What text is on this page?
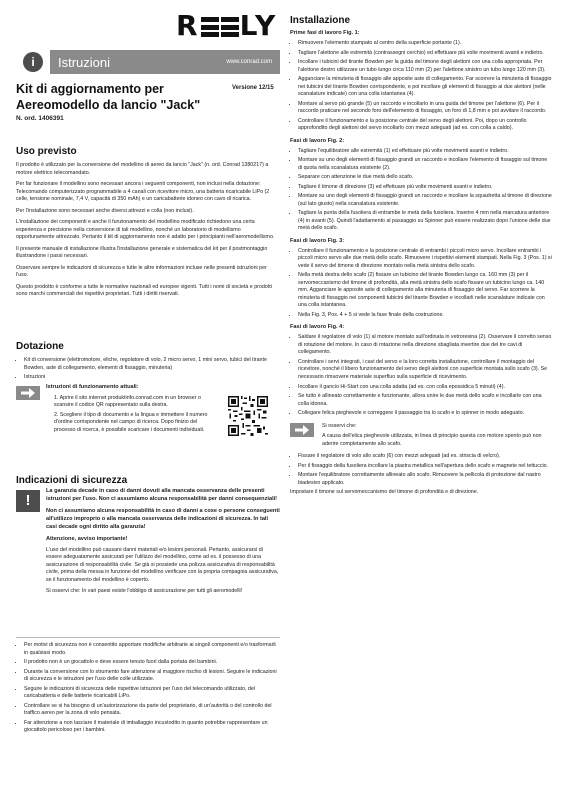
R LY
i	Istruzioni	www.conrad.com
Kit di aggiornamento per Aereomodello da lancio "Jack"
Versione 12/15
N. ord. 1406391
Uso previsto

Il prodotto è utilizzato per la conversione del modellino di aereo da lancio "Jack" (n. ord. Conrad 1380217) a motore elettrico telecomandato.

Per far funzionare il modellino sono necessari ancora i seguenti componenti, non inclusi nella dotazione: Telecomando computerizzato programmabile a 4 canali con ricevitore micro, una batteria ricaricabile LiPo (2 celle, tensione nominale, 7,4 V, capacità di 350 mAh) e un caricabatterie idoneo con cavo di ricarica.

Per l'installazione sono necessari anche diversi attrezzi e colla (non inclusi).

L'installazione dei componenti e anche il funzionamento del modellino modificato richiedono una certa esperienza e precisione nella conversione di tali modellino, nonché un laboratorio di modellismo opportunamente attrezzato. Pertanto il kit di aggiornamento non è adatto per i principianti nell'aeromodellismo.

Il presente manuale di installazione illustra l'installazione generale e sistematica del kit per il postmontaggio illustrandone i passi necessari.

Osservare sempre le indicazioni di sicurezza e tutte le altre informazioni incluse nelle presenti istruzioni per l'uso.

Questo prodotto è conforme a tutte le normative nazionali ed europee vigenti. Tutti i nomi di società e prodotti sono marchi commerciali dei rispettivi proprietari. Tutti i diritti riservati.

Dotazione
• Kit di conversione (elettromotore, eliche, regolatore di volo, 2 micro servo, 1 mini servo, tubici del tirante Bowden, aste di collegamento, elementi di fissaggio, minuteria)
• Istruzioni
Istruzioni di funzionamento attuali:

1. Aprire il sito internet produktinfo.conrad.com in un browser o scansire il codice QR rappresentato sulla destra.

2. Scegliere il tipo di documento e la lingua e immettere il numero d'ordine corrispondente nel campo di ricerca. Dopo finizio del processo di ricerca, è possibile scaricare i documenti individuati.

Indicazioni di sicurezza
!

La garanzia decade in caso di danni dovuti alla mancata osservanza delle presenti istruzioni per l'uso. Non ci assumiamo alcuna responsabilità per danni consequenziali!

Non ci assumiamo alcuna responsabilità in caso di danni a cose o persone conseguenti all'utilizzo improprio o alla mancata osservanza delle indicazioni di sicurezza. In tali casi decade ogni diritto alla garanzia!

Attenzione, avviso importante!

L'uso del modellino può causare danni materiali e/o lesioni personali. Pertanto, assicurarsi di essere adeguatamente assicurati per l'utilizzo del modellino, come ad es. il possesso di una assicurazione di responsabilità civile. Se già si possiede una polizza assicurativa di responsabilità civile, prima della messa in funzione del modellino verificare con la propria compagnia assicurativa, se il funzionamento del modellino è coperto.

Si osservi che: In vari paesi esiste l'obbligo di assicurazione per tutti gli aeromodelli!

• Per motivi di sicurezza non è consentito apportare modifiche arbitrarie ai singoli componenti e/o trasformarli in qualsiasi modo.
• Il prodotto non è un giocattolo e deve essere tenuto fuori dalla portata dei bambini.
• Durante la conversione con lo strumento fare attenzione al maggiore rischio di lesioni. Seguire le indicazioni di sicurezza e le istruzioni per l'uso delle colle utilizzate.
• Seguire le indicazioni di sicurezza delle rispettive istruzioni per l'uso del telecomando utilizzato, del caricabatteria e delle batterie ricaricabili LiPo.
• Controllare se si ha bisogno di un'autorizzazione da parte del proprietario, di un'autorità o del controllo del traffico aereo per la zona di volo pensata.
• Far attenzione a non lasciare il materiale di imballaggio incustodito in quanto potrebbe rappresentare un giocattolo pericoloso per i bambini.
Installazione
Prime fasi di lavoro Fig. 1:
• Rimuovere l'elemento stampato al centro della superficie portante (1).
• Tagliare l'alettone alle estremità (contrassegni cerchio) ed effettuare più volte movimenti avanti e indietro.
• Incollare i tubicini del tirante Bowden per la guida del timone degli alettoni con una colla appropriata. Per l'alettone destro utilizzare un tubo lungo circa 110 mm (2) per l'alettone sinistro un tubo lungo 120 mm (3).
• Agganciare la minuteria di fissaggio alle apposite aste di collegamento. Far scorrere la minuteria di fissaggio nei tubicini del tirante Bowden corrispondente, e poi incollare gli elementi di fissaggio ai due alettoni (nelle scanalature indicate) con una colla istantanea (4).
• Montare al servo più grande (5) un raccordo e incollarlo in una guida del timone per l'alettone (6). Per il raccordo praticare nel secondo foro dell'elemento di fissaggio, un foro di 1,8 mm e poi avvitare il raccordo.
• Controllare il funzionamento e la posizione centrale del servo degli alettoni. Poi, dopo un controllo approfondito degli alettoni del servo incollarlo con mezzi adeguati (ad es. con colla a caldo).
Fasi di lavoro Fig. 2:
• Tagliare l'equilibratore alle estremità (1) ed effettuare più volte movimenti avanti e indietro.
• Montare su uno degli elementi di fissaggio grandi un raccordo e incollare l'elemento di fissaggio sul timone di quota nella scanalatura esistente (2).
• Separare con attenzione le due metà dello scafo.
• Tagliare il timone di direzione (3) ed effettuare più volte movimenti avanti e indietro.
• Montare su uno degli elementi di fissaggio grandi un raccordo e incollare la squadretta al timone di direzione (sul lato giusto) nella scanalatura esistente.
• Tagliare la punta della fusoliera di entrambe le metà della fusoliera. Inserire 4 mm nella marcatura anteriore (4) in avanti (5). Quindi l'adattamento al passaggio su Spinner può essere realizzato dopo l'unione delle due metà dello scafo.
Fasi di lavoro Fig. 3:
• Controllare il funzionamento e la posizione centrale di entrambi i piccoli micro servo. Incollare entrambi i piccoli micro servo alle due metà dello scafo. Rimuovere i rispettivi elementi stampati. Nella Fig. 3 (Pos. 1) si vede il servo del timone di direzione montato nella metà sinistra dello scafo.
• Nella metà destra dello scafo (2) fissare un tubicino del tirante Bowden lungo ca. 160 mm (3) per il servomeccanismo del timone di profondità, alla metà sinistra dello scafo fissare un tubicino lungo ca. 140 mm. Agganciare le apposite aste di collegamento alla minuteria di fissaggio del servo. Far scorrere la minuteria di fissaggio nei componenti tubicini del tirante Bowden e incollarli nelle scanalature indicate con una colla istantanea.
• Nella Fig. 3, Pos. 4 + 5 si vede la fase finale della costruzione.
Fasi di lavoro Fig. 4:
• Saldare il regolatore di volo (1) al motore montato sull'ordinata in vetroresina (2). Osservare il corretto senso di rotazione del motore. In caso di rotazione nella direzione sbagliata invertire due dei tre cavi di collegamento.
• Controllare i servi integrati, i cavi del servo e la loro corretta installazione, controllare il montaggio del ricevitore, nonché il libero funzionamento del servo degli alettoni con superficie montata sullo scafo (3). Se necessario rimuovere materiale superfluo sulla superficie di ricevimento.
• Incollare il gancio Hi-Start con una colla adatta (ad es. con colla epossidica 5 minuti) (4).
• Se tutto è allineato correttamente e funzionante, allora unire le due metà dello scafo e incollarle con una colla idonea.
• Collegare felica pieghevole e correggere il passaggio tra lo scafo e lo spinner in modo adeguato.
Si osservi che:
A causa dell'elica pieghevole utilizzata, in linea di principio questa con motore spento può non aderire completamente allo scafo.
• Fissare il regolatore di volo allo scafo (6) con mezzi adeguati (ad es. striscia di velcro).
• Per il fissaggio della fusoliera incollare la piastra metallica nell'apertura dello scafo e magnete nel tettuccio.
• Montare l'equilibratore correttamente allineato allo scafo. Rimuovere la pellicola di protezione dal nastro biadesivo applicato.

Impostare il timone sul servomeccanismo del timone di profondità e di direzione.
